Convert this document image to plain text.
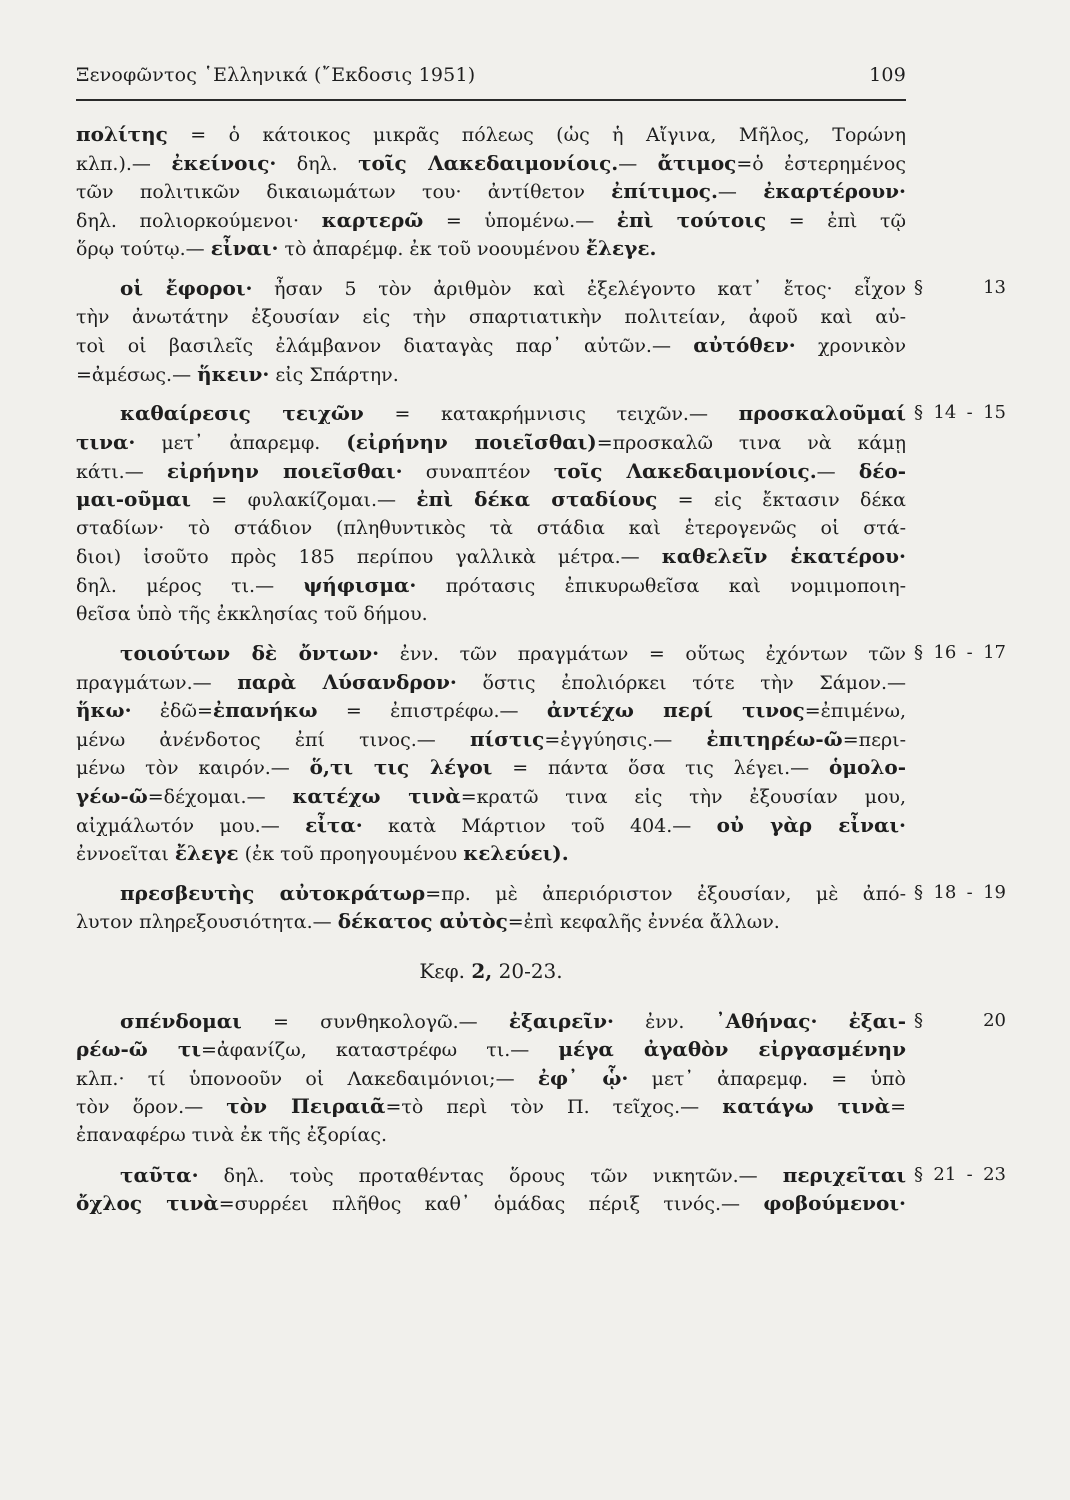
Ξενοφῶντος ῾Ελληνικά (῎Εκδοσις 1951)	109
πολίτης = ὁ κάτοικος μικρᾶς πόλεως (ὡς ἡ Αἴγινα, Μῆλος, Τορώνη
κλπ.).— ἐκείνοις· δηλ. τοῖς Λακεδαιμονίοις.— ἄτιμος=ὁ ἐστερημένος
τῶν πολιτικῶν δικαιωμάτων του· ἀντίθετον ἐπίτιμος.— ἐκαρτέρουν·
δηλ. πολιορκούμενοι· καρτερῶ = ὑπομένω.— ἐπὶ τούτοις = ἐπὶ τῷ
ὅρῳ τούτῳ.— εἶναι· τὸ ἀπαρέμφ. ἐκ τοῦ νοουμένου ἔλεγε.
οἱ ἔφοροι· ἦσαν 5 τὸν ἀριθμὸν καὶ ἐξελέγοντο κατ᾽ ἔτος· εἶχον § 13
τὴν ἀνωτάτην ἐξουσίαν εἰς τὴν σπαρτιατικὴν πολιτείαν, ἀφοῦ καὶ αὐ-
τοὶ οἱ βασιλεῖς ἐλάμβανον διαταγὰς παρ᾽ αὐτῶν.— αὐτόθεν· χρονικὸν
=ἀμέσως.— ἥκειν· εἰς Σπάρτην.
καθαίρεσις τειχῶν = κατακρήμνισις τειχῶν.— προσκαλοῦμαί § 14 - 15
τινα· μετ᾽ ἀπαρεμφ. (εἰρήνην ποιεῖσθαι)=προσκαλῶ τινα νὰ κάμῃ
κάτι.— εἰρήνην ποιεῖσθαι· συναπτέον τοῖς Λακεδαιμονίοις.— δέο-
μαι-οῦμαι = φυλακίζομαι.— ἐπὶ δέκα σταδίους = εἰς ἔκτασιν δέκα
σταδίων· τὸ στάδιον (πληθυντικὸς τὰ στάδια καὶ ἑτερογενῶς οἱ στά-
διοι) ἰσοῦτο πρὸς 185 περίπου γαλλικὰ μέτρα.— καθελεῖν ἑκατέρου·
δηλ. μέρος τι.— ψήφισμα· πρότασις ἐπικυρωθεῖσα καὶ νομιμοποιη-
θεῖσα ὑπὸ τῆς ἐκκλησίας τοῦ δήμου.
τοιούτων δὲ ὄντων· ἐνν. τῶν πραγμάτων = οὕτως ἐχόντων τῶν § 16 - 17
πραγμάτων.— παρὰ Λύσανδρον· ὅστις ἐπολιόρκει τότε τὴν Σάμον.—
ἥκω· ἐδῶ=ἐπανήκω = ἐπιστρέφω.— ἀντέχω περί τινος=ἐπιμένω,
μένω ἀνένδοτος ἐπί τινος.— πίστις=ἐγγύησις.— ἐπιτηρέω-ῶ=περι-
μένω τὸν καιρόν.— ὅ,τι τις λέγοι = πάντα ὅσα τις λέγει.— ὁμολο-
γέω-ῶ=δέχομαι.— κατέχω τινὰ=κρατῶ τινα εἰς τὴν ἐξουσίαν μου,
αἰχμάλωτόν μου.— εἶτα· κατὰ Μάρτιον τοῦ 404.— οὐ γὰρ εἶναι·
ἐννοεῖται ἔλεγε (ἐκ τοῦ προηγουμένου κελεύει).
πρεσβευτὴς αὐτοκράτωρ=πρ. μὲ ἀπεριόριστον ἐξουσίαν, μὲ ἀπό- § 18 - 19
λυτον πληρεξουσιότητα.— δέκατος αὐτὸς=ἐπὶ κεφαλῆς ἐννέα ἄλλων.
Κεφ. 2, 20-23.
σπένδομαι = συνθηκολογῶ.— ἐξαιρεῖν· ἐνν. ᾽Αθήνας· ἐξαι- § 20
ρέω-ῶ τι=ἀφανίζω, καταστρέφω τι.— μέγα ἀγαθὸν εἰργασμένην
κλπ.· τί ὑπονοοῦν οἱ Λακεδαιμόνιοι;— ἐφ᾽ ᾧ· μετ᾽ ἀπαρεμφ. = ὑπὸ
τὸν ὅρον.— τὸν Πειραιᾶ=τὸ περὶ τὸν Π. τεῖχος.— κατάγω τινὰ=
ἐπαναφέρω τινὰ ἐκ τῆς ἐξορίας.
ταῦτα· δηλ. τοὺς προταθέντας ὅρους τῶν νικητῶν.— περιχεῖται § 21 - 23
ὄχλος τινὰ=συρρέει πλῆθος καθ᾽ ὁμάδας πέριξ τινός.— φοβούμενοι·
